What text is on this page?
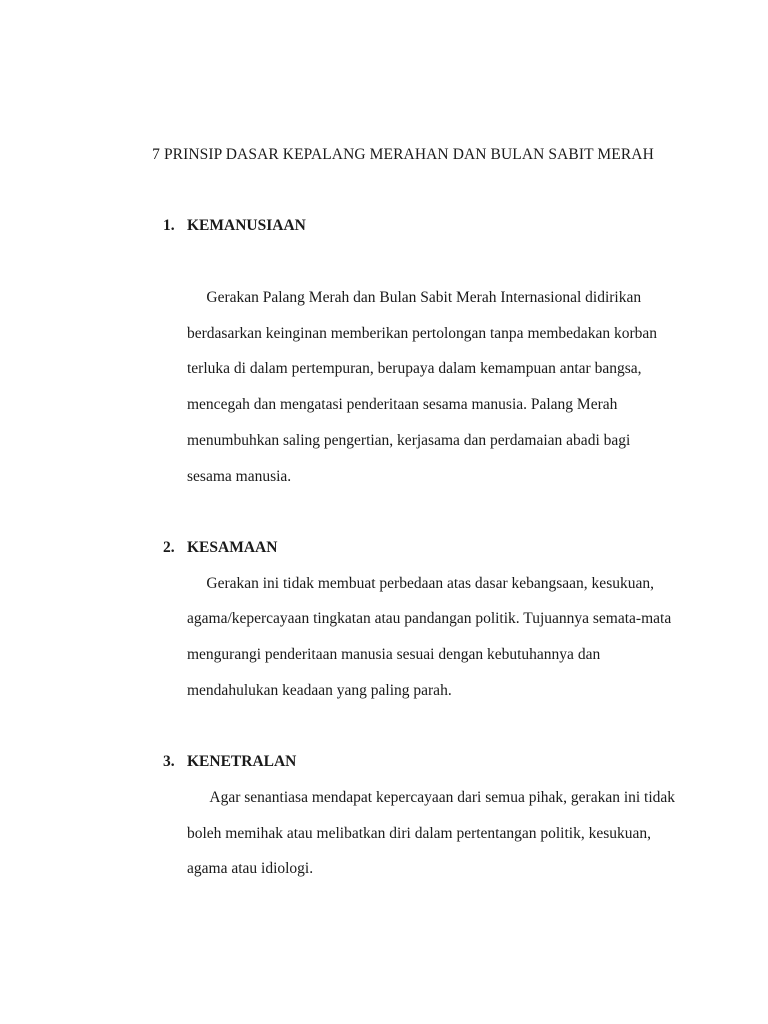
7 PRINSIP DASAR KEPALANG MERAHAN DAN BULAN SABIT MERAH
1. KEMANUSIAAN
Gerakan Palang Merah dan Bulan Sabit Merah Internasional didirikan
berdasarkan keinginan memberikan pertolongan tanpa membedakan korban
terluka di dalam pertempuran, berupaya dalam kemampuan antar bangsa,
mencegah dan mengatasi penderitaan sesama manusia. Palang Merah
menumbuhkan saling pengertian, kerjasama dan perdamaian abadi bagi
sesama manusia.
2. KESAMAAN
Gerakan ini tidak membuat perbedaan atas dasar kebangsaan, kesukuan,
agama/kepercayaan tingkatan atau pandangan politik. Tujuannya semata-mata
mengurangi penderitaan manusia sesuai dengan kebutuhannya dan
mendahulukan keadaan yang paling parah.
3. KENETRALAN
Agar senantiasa mendapat kepercayaan dari semua pihak, gerakan ini tidak
boleh memihak atau melibatkan diri dalam pertentangan politik, kesukuan,
agama atau idiologi.
